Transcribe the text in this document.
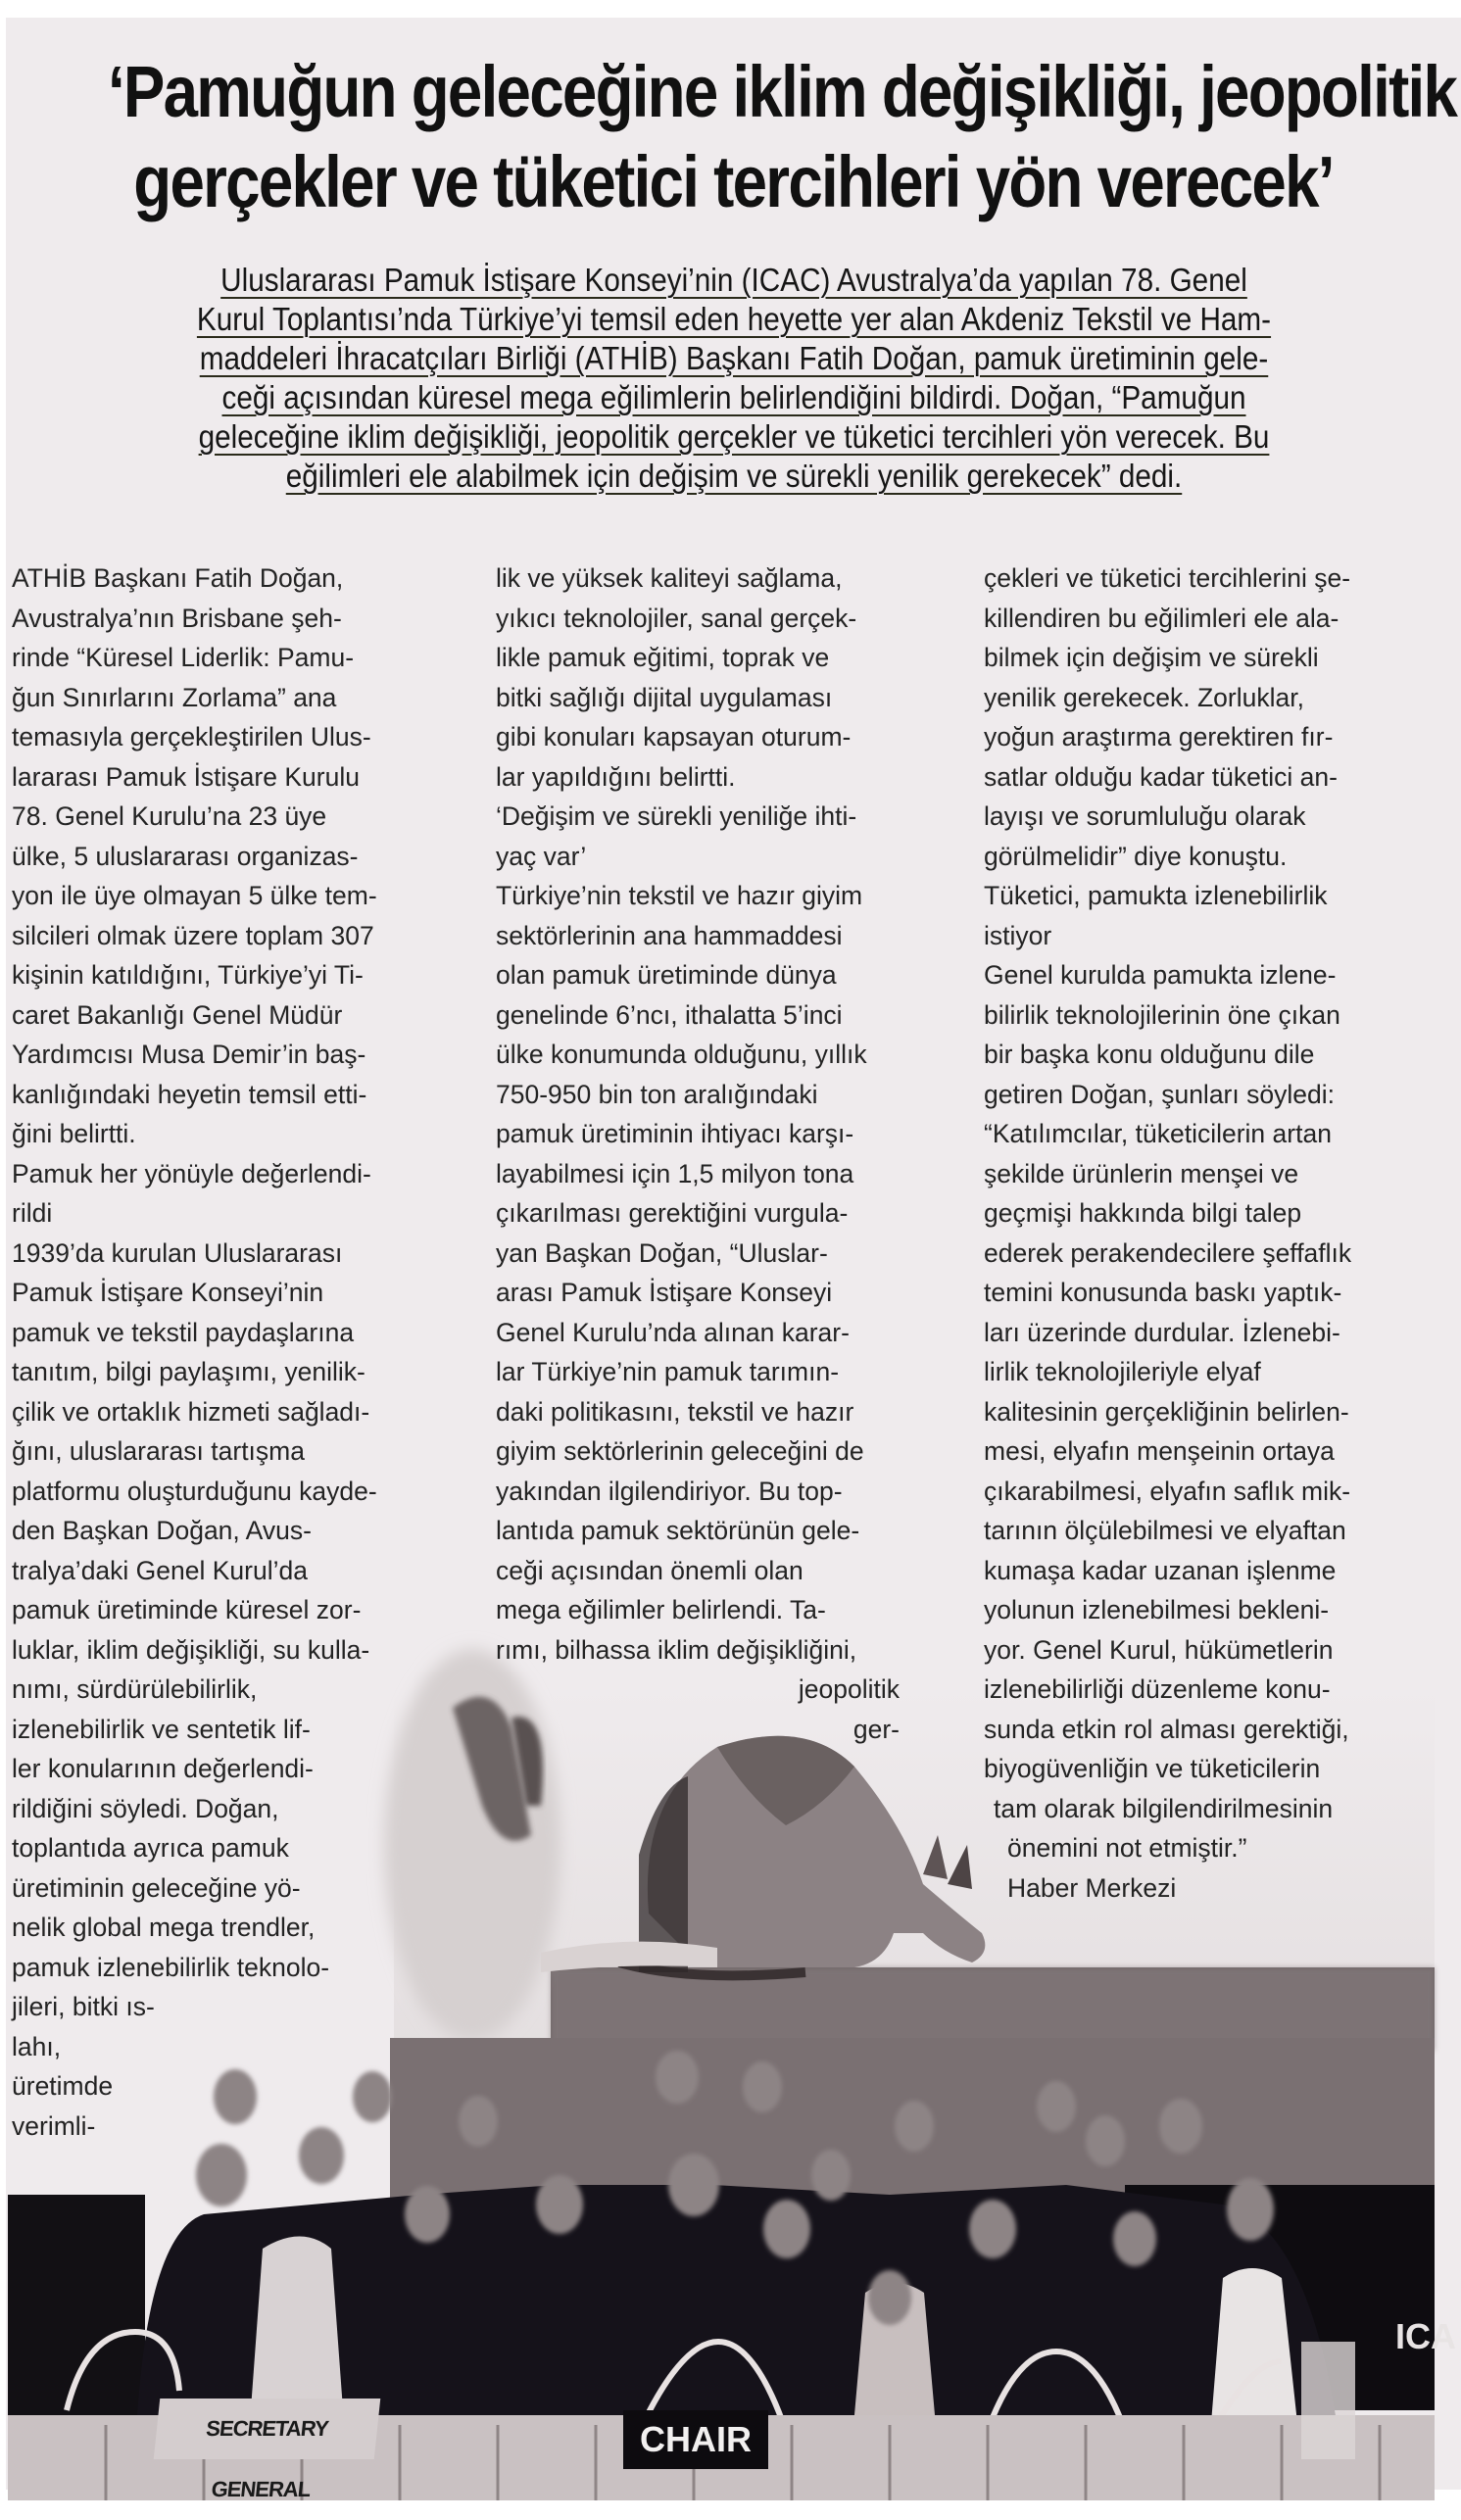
‘Pamuğun geleceğine iklim değişikliği, jeopolitik
gerçekler ve tüketici tercihleri yön verecek’
Uluslararası Pamuk İstişare Konseyi’nin (ICAC) Avustralya’da yapılan 78. Genel
Kurul Toplantısı’nda Türkiye’yi temsil eden heyette yer alan Akdeniz Tekstil ve Ham-
maddeleri İhracatçıları Birliği (ATHİB) Başkanı Fatih Doğan, pamuk üretiminin gele-
ceği açısından küresel mega eğilimlerin belirlendiğini bildirdi. Doğan, “Pamuğun
geleceğine iklim değişikliği, jeopolitik gerçekler ve tüketici tercihleri yön verecek. Bu
eğilimleri ele alabilmek için değişim ve sürekli yenilik gerekecek” dedi.
SECRETARY GENERAL
CHAIR
ICA
ATHİB Başkanı Fatih Doğan,
Avustralya’nın Brisbane şeh-
rinde “Küresel Liderlik: Pamu-
ğun Sınırlarını Zorlama” ana
temasıyla gerçekleştirilen Ulus-
lararası Pamuk İstişare Kurulu
78. Genel Kurulu’na 23 üye
ülke, 5 uluslararası organizas-
yon ile üye olmayan 5 ülke tem-
silcileri olmak üzere toplam 307
kişinin katıldığını, Türkiye’yi Ti-
caret Bakanlığı Genel Müdür
Yardımcısı Musa Demir’in baş-
kanlığındaki heyetin temsil etti-
ğini belirtti.
Pamuk her yönüyle değerlendi-
rildi
1939’da kurulan Uluslararası
Pamuk İstişare Konseyi’nin
pamuk ve tekstil paydaşlarına
tanıtım, bilgi paylaşımı, yenilik-
çilik ve ortaklık hizmeti sağladı-
ğını, uluslararası tartışma
platformu oluşturduğunu kayde-
den Başkan Doğan, Avus-
tralya’daki Genel Kurul’da
pamuk üretiminde küresel zor-
luklar, iklim değişikliği, su kulla-
nımı, sürdürülebilirlik,
izlenebilirlik ve sentetik lif-
ler konularının değerlendi-
rildiğini söyledi. Doğan,
toplantıda ayrıca pamuk
üretiminin geleceğine yö-
nelik global mega trendler,
pamuk izlenebilirlik teknolo-
jileri, bitki ıs-
lahı,
üretimde
verimli-
lik ve yüksek kaliteyi sağlama,
yıkıcı teknolojiler, sanal gerçek-
likle pamuk eğitimi, toprak ve
bitki sağlığı dijital uygulaması
gibi konuları kapsayan oturum-
lar yapıldığını belirtti.
‘Değişim ve sürekli yeniliğe ihti-
yaç var’
Türkiye’nin tekstil ve hazır giyim
sektörlerinin ana hammaddesi
olan pamuk üretiminde dünya
genelinde 6’ncı, ithalatta 5’inci
ülke konumunda olduğunu, yıllık
750-950 bin ton aralığındaki
pamuk üretiminin ihtiyacı karşı-
layabilmesi için 1,5 milyon tona
çıkarılması gerektiğini vurgula-
yan Başkan Doğan, “Uluslar-
arası Pamuk İstişare Konseyi
Genel Kurulu’nda alınan karar-
lar Türkiye’nin pamuk tarımın-
daki politikasını, tekstil ve hazır
giyim sektörlerinin geleceğini de
yakından ilgilendiriyor. Bu top-
lantıda pamuk sektörünün gele-
ceği açısından önemli olan
mega eğilimler belirlendi. Ta-
rımı, bilhassa iklim değişikliğini,
jeopolitik
ger-
çekleri ve tüketici tercihlerini şe-
killendiren bu eğilimleri ele ala-
bilmek için değişim ve sürekli
yenilik gerekecek. Zorluklar,
yoğun araştırma gerektiren fır-
satlar olduğu kadar tüketici an-
layışı ve sorumluluğu olarak
görülmelidir” diye konuştu.
Tüketici, pamukta izlenebilirlik
istiyor
Genel kurulda pamukta izlene-
bilirlik teknolojilerinin öne çıkan
bir başka konu olduğunu dile
getiren Doğan, şunları söyledi:
“Katılımcılar, tüketicilerin artan
şekilde ürünlerin menşei ve
geçmişi hakkında bilgi talep
ederek perakendecilere şeffaflık
temini konusunda baskı yaptık-
ları üzerinde durdular. İzlenebi-
lirlik teknolojileriyle elyaf
kalitesinin gerçekliğinin belirlen-
mesi, elyafın menşeinin ortaya
çıkarabilmesi, elyafın saflık mik-
tarının ölçülebilmesi ve elyaftan
kumaşa kadar uzanan işlenme
yolunun izlenebilmesi bekleni-
yor. Genel Kurul, hükümetlerin
izlenebilirliği düzenleme konu-
sunda etkin rol alması gerektiği,
biyogüvenliğin ve tüketicilerin
tam olarak bilgilendirilmesinin
önemini not etmiştir.”
Haber Merkezi
